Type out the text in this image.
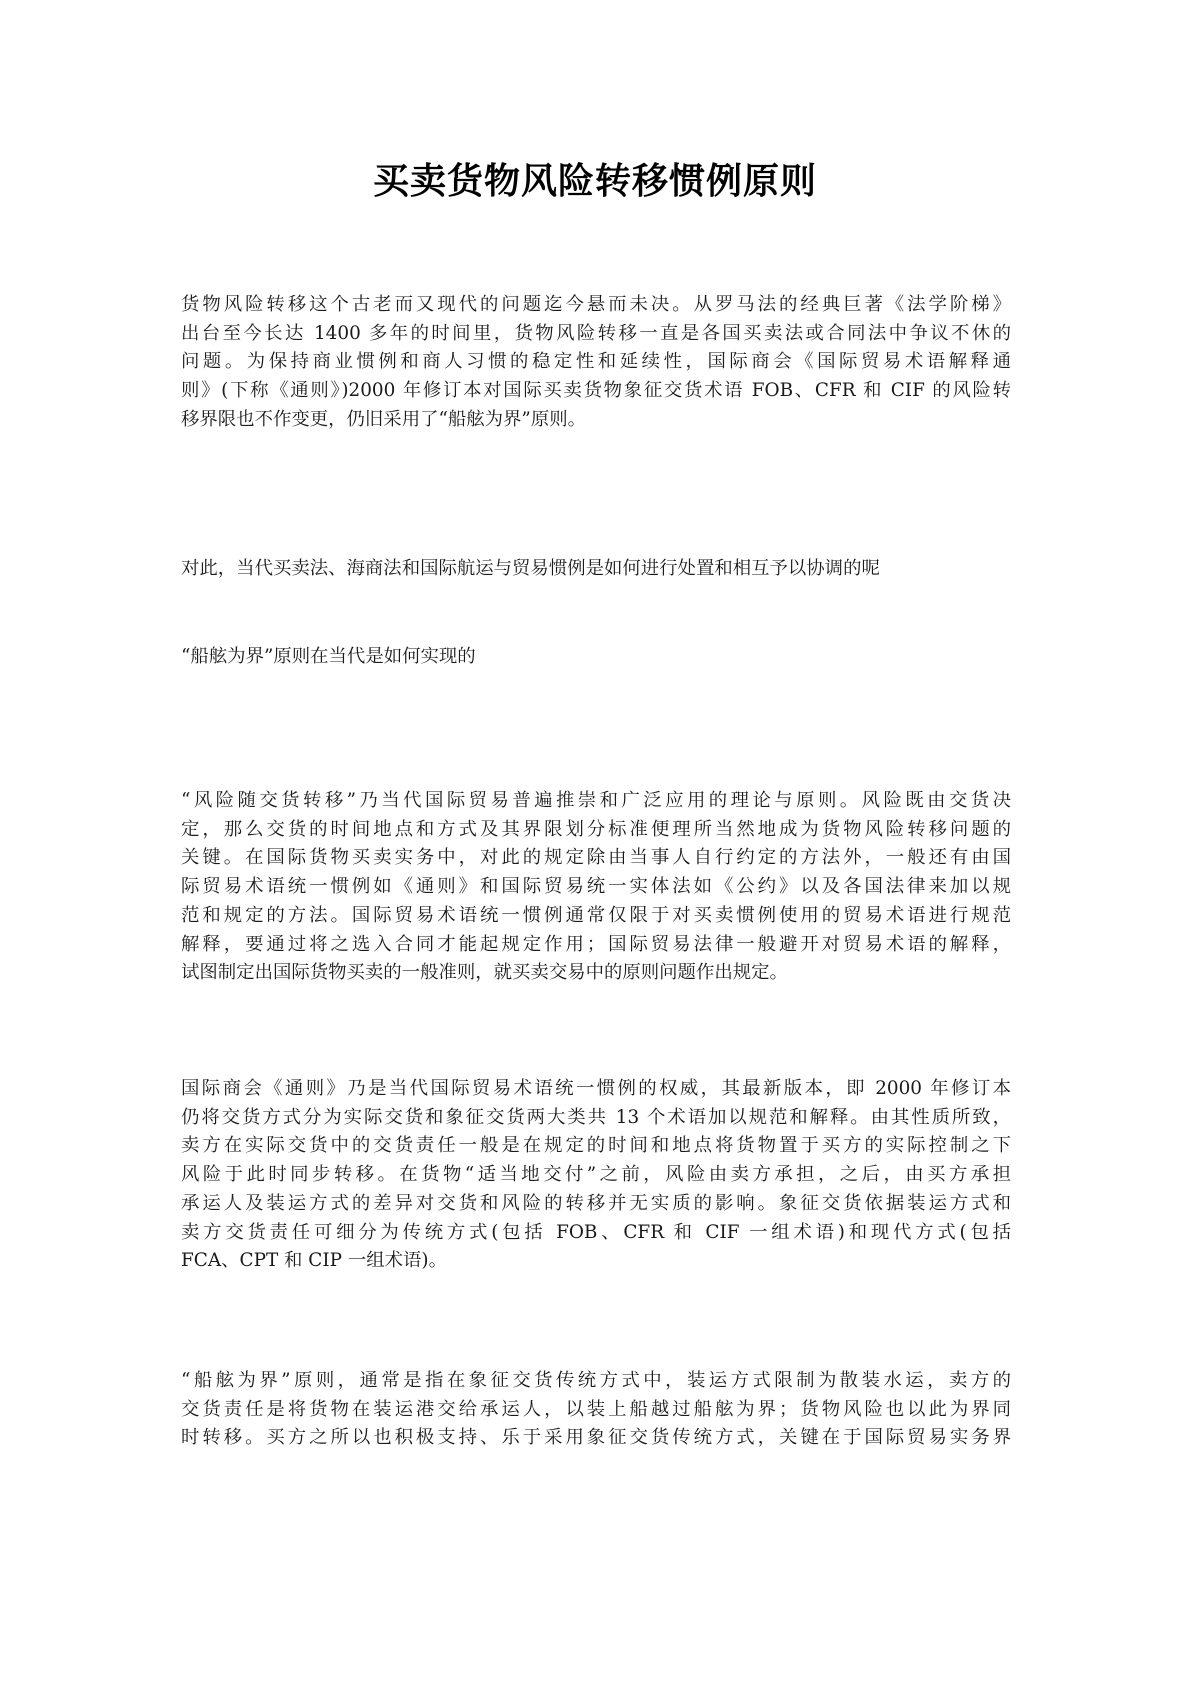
买卖货物风险转移惯例原则
货物风险转移这个古老而又现代的问题迄今悬而未决。从罗马法的经典巨著《法学阶梯》
出台至今长达 1400 多年的时间里，货物风险转移一直是各国买卖法或合同法中争议不休的
问题。为保持商业惯例和商人习惯的稳定性和延续性，国际商会《国际贸易术语解释通
则》(下称《通则》)2000 年修订本对国际买卖货物象征交货术语 FOB、CFR 和 CIF 的风险转
移界限也不作变更，仍旧采用了“船舷为界”原则。
对此，当代买卖法、海商法和国际航运与贸易惯例是如何进行处置和相互予以协调的呢
“船舷为界”原则在当代是如何实现的
“风险随交货转移”乃当代国际贸易普遍推崇和广泛应用的理论与原则。风险既由交货决
定，那么交货的时间地点和方式及其界限划分标准便理所当然地成为货物风险转移问题的
关键。在国际货物买卖实务中，对此的规定除由当事人自行约定的方法外，一般还有由国
际贸易术语统一惯例如《通则》和国际贸易统一实体法如《公约》以及各国法律来加以规
范和规定的方法。国际贸易术语统一惯例通常仅限于对买卖惯例使用的贸易术语进行规范
解释，要通过将之选入合同才能起规定作用；国际贸易法律一般避开对贸易术语的解释，
试图制定出国际货物买卖的一般准则，就买卖交易中的原则问题作出规定。
国际商会《通则》乃是当代国际贸易术语统一惯例的权威，其最新版本，即 2000 年修订本
仍将交货方式分为实际交货和象征交货两大类共 13 个术语加以规范和解释。由其性质所致，
卖方在实际交货中的交货责任一般是在规定的时间和地点将货物置于买方的实际控制之下
风险于此时同步转移。在货物“适当地交付”之前，风险由卖方承担，之后，由买方承担
承运人及装运方式的差异对交货和风险的转移并无实质的影响。象征交货依据装运方式和
卖方交货责任可细分为传统方式(包括 FOB、CFR 和 CIF 一组术语)和现代方式(包括
FCA、CPT 和 CIP 一组术语)。
“船舷为界”原则，通常是指在象征交货传统方式中，装运方式限制为散装水运，卖方的
交货责任是将货物在装运港交给承运人，以装上船越过船舷为界；货物风险也以此为界同
时转移。买方之所以也积极支持、乐于采用象征交货传统方式，关键在于国际贸易实务界
